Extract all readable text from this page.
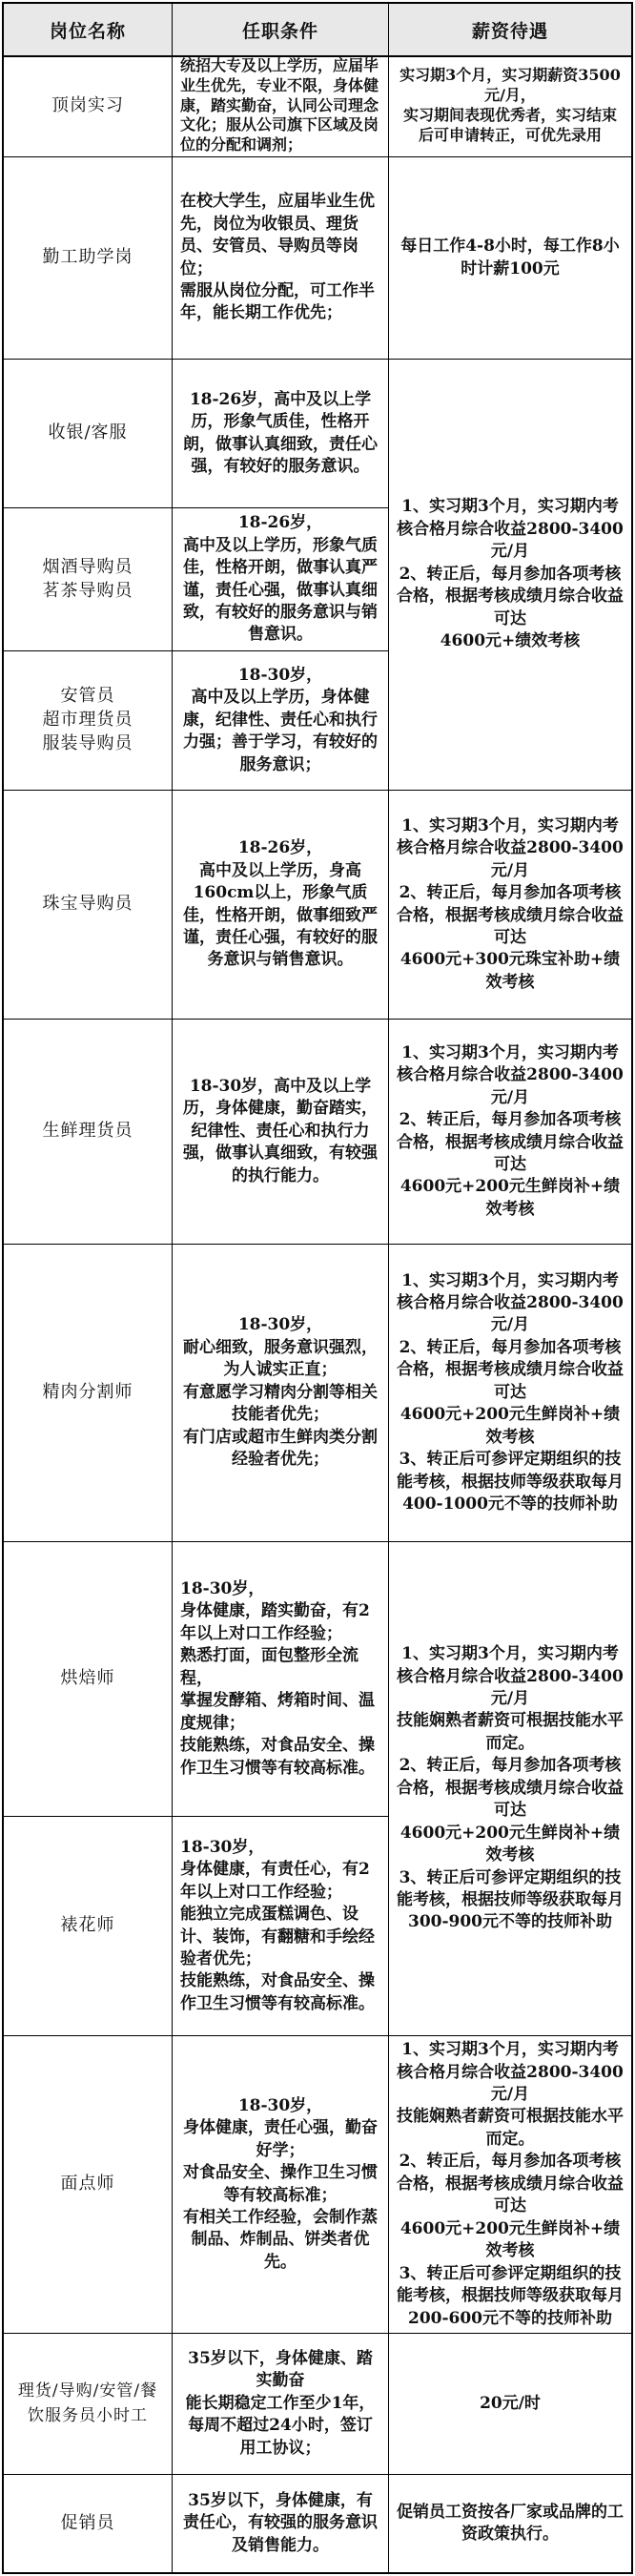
岗位名称	任职条件	薪资待遇
顶岗实习
统招大专及以上学历，应届毕业生优先，专业不限，身体健康，踏实勤奋，认同公司理念文化；服从公司旗下区域及岗位的分配和调剂；
实习期3个月，实习期薪资3500元/月，
实习期间表现优秀者，实习结束后可申请转正，可优先录用
勤工助学岗
在校大学生，应届毕业生优先，岗位为收银员、理货员、安管员、导购员等岗位；
需服从岗位分配，可工作半年，能长期工作优先；
每日工作4-8小时，每工作8小时计薪100元
收银/客服
18-26岁，高中及以上学历，形象气质佳，性格开朗，做事认真细致，责任心强，有较好的服务意识。
烟酒导购员
茗茶导购员
18-26岁，
高中及以上学历，形象气质佳，性格开朗，做事认真严谨，责任心强，做事认真细致，有较好的服务意识与销售意识。
安管员
超市理货员
服装导购员
18-30岁，
高中及以上学历，身体健康，纪律性、责任心和执行力强；善于学习，有较好的服务意识；
1、实习期3个月，实习期内考核合格月综合收益2800-3400元/月
2、转正后，每月参加各项考核合格，根据考核成绩月综合收益可达
4600元+绩效考核
珠宝导购员
18-26岁，
高中及以上学历，身高160cm以上，形象气质佳，性格开朗，做事细致严谨，责任心强，有较好的服务意识与销售意识。
1、实习期3个月，实习期内考核合格月综合收益2800-3400元/月
2、转正后，每月参加各项考核合格，根据考核成绩月综合收益可达
4600元+300元珠宝补助+绩效考核
生鲜理货员
18-30岁，高中及以上学历，身体健康，勤奋踏实，纪律性、责任心和执行力强，做事认真细致，有较强的执行能力。
1、实习期3个月，实习期内考核合格月综合收益2800-3400元/月
2、转正后，每月参加各项考核合格，根据考核成绩月综合收益可达
4600元+200元生鲜岗补+绩效考核
精肉分割师
18-30岁，
耐心细致，服务意识强烈，为人诚实正直；
有意愿学习精肉分割等相关技能者优先；
有门店或超市生鲜肉类分割经验者优先；
1、实习期3个月，实习期内考核合格月综合收益2800-3400元/月
2、转正后，每月参加各项考核合格，根据考核成绩月综合收益可达
4600元+200元生鲜岗补+绩效考核
3、转正后可参评定期组织的技能考核，根据技师等级获取每月400-1000元不等的技师补助
烘焙师
18-30岁，
身体健康，踏实勤奋，有2年以上对口工作经验；
熟悉打面，面包整形全流程，
掌握发酵箱、烤箱时间、温度规律；
技能熟练，对食品安全、操作卫生习惯等有较高标准。
裱花师
18-30岁，
身体健康，有责任心，有2年以上对口工作经验；
能独立完成蛋糕调色、设计、装饰，有翻糖和手绘经验者优先；
技能熟练，对食品安全、操作卫生习惯等有较高标准。
1、实习期3个月，实习期内考核合格月综合收益2800-3400元/月
技能娴熟者薪资可根据技能水平而定。
2、转正后，每月参加各项考核合格，根据考核成绩月综合收益可达
4600元+200元生鲜岗补+绩效考核
3、转正后可参评定期组织的技能考核，根据技师等级获取每月300-900元不等的技师补助
面点师
18-30岁，
身体健康，责任心强，勤奋好学；
对食品安全、操作卫生习惯等有较高标准；
有相关工作经验，会制作蒸制品、炸制品、饼类者优先。
1、实习期3个月，实习期内考核合格月综合收益2800-3400元/月
技能娴熟者薪资可根据技能水平而定。
2、转正后，每月参加各项考核合格，根据考核成绩月综合收益可达
4600元+200元生鲜岗补+绩效考核
3、转正后可参评定期组织的技能考核，根据技师等级获取每月200-600元不等的技师补助
理货/导购/安管/餐饮服务员小时工
35岁以下，身体健康、踏实勤奋
能长期稳定工作至少1年，每周不超过24小时，签订用工协议；
20元/时
促销员
35岁以下，身体健康，有责任心，有较强的服务意识及销售能力。
促销员工资按各厂家或品牌的工资政策执行。
